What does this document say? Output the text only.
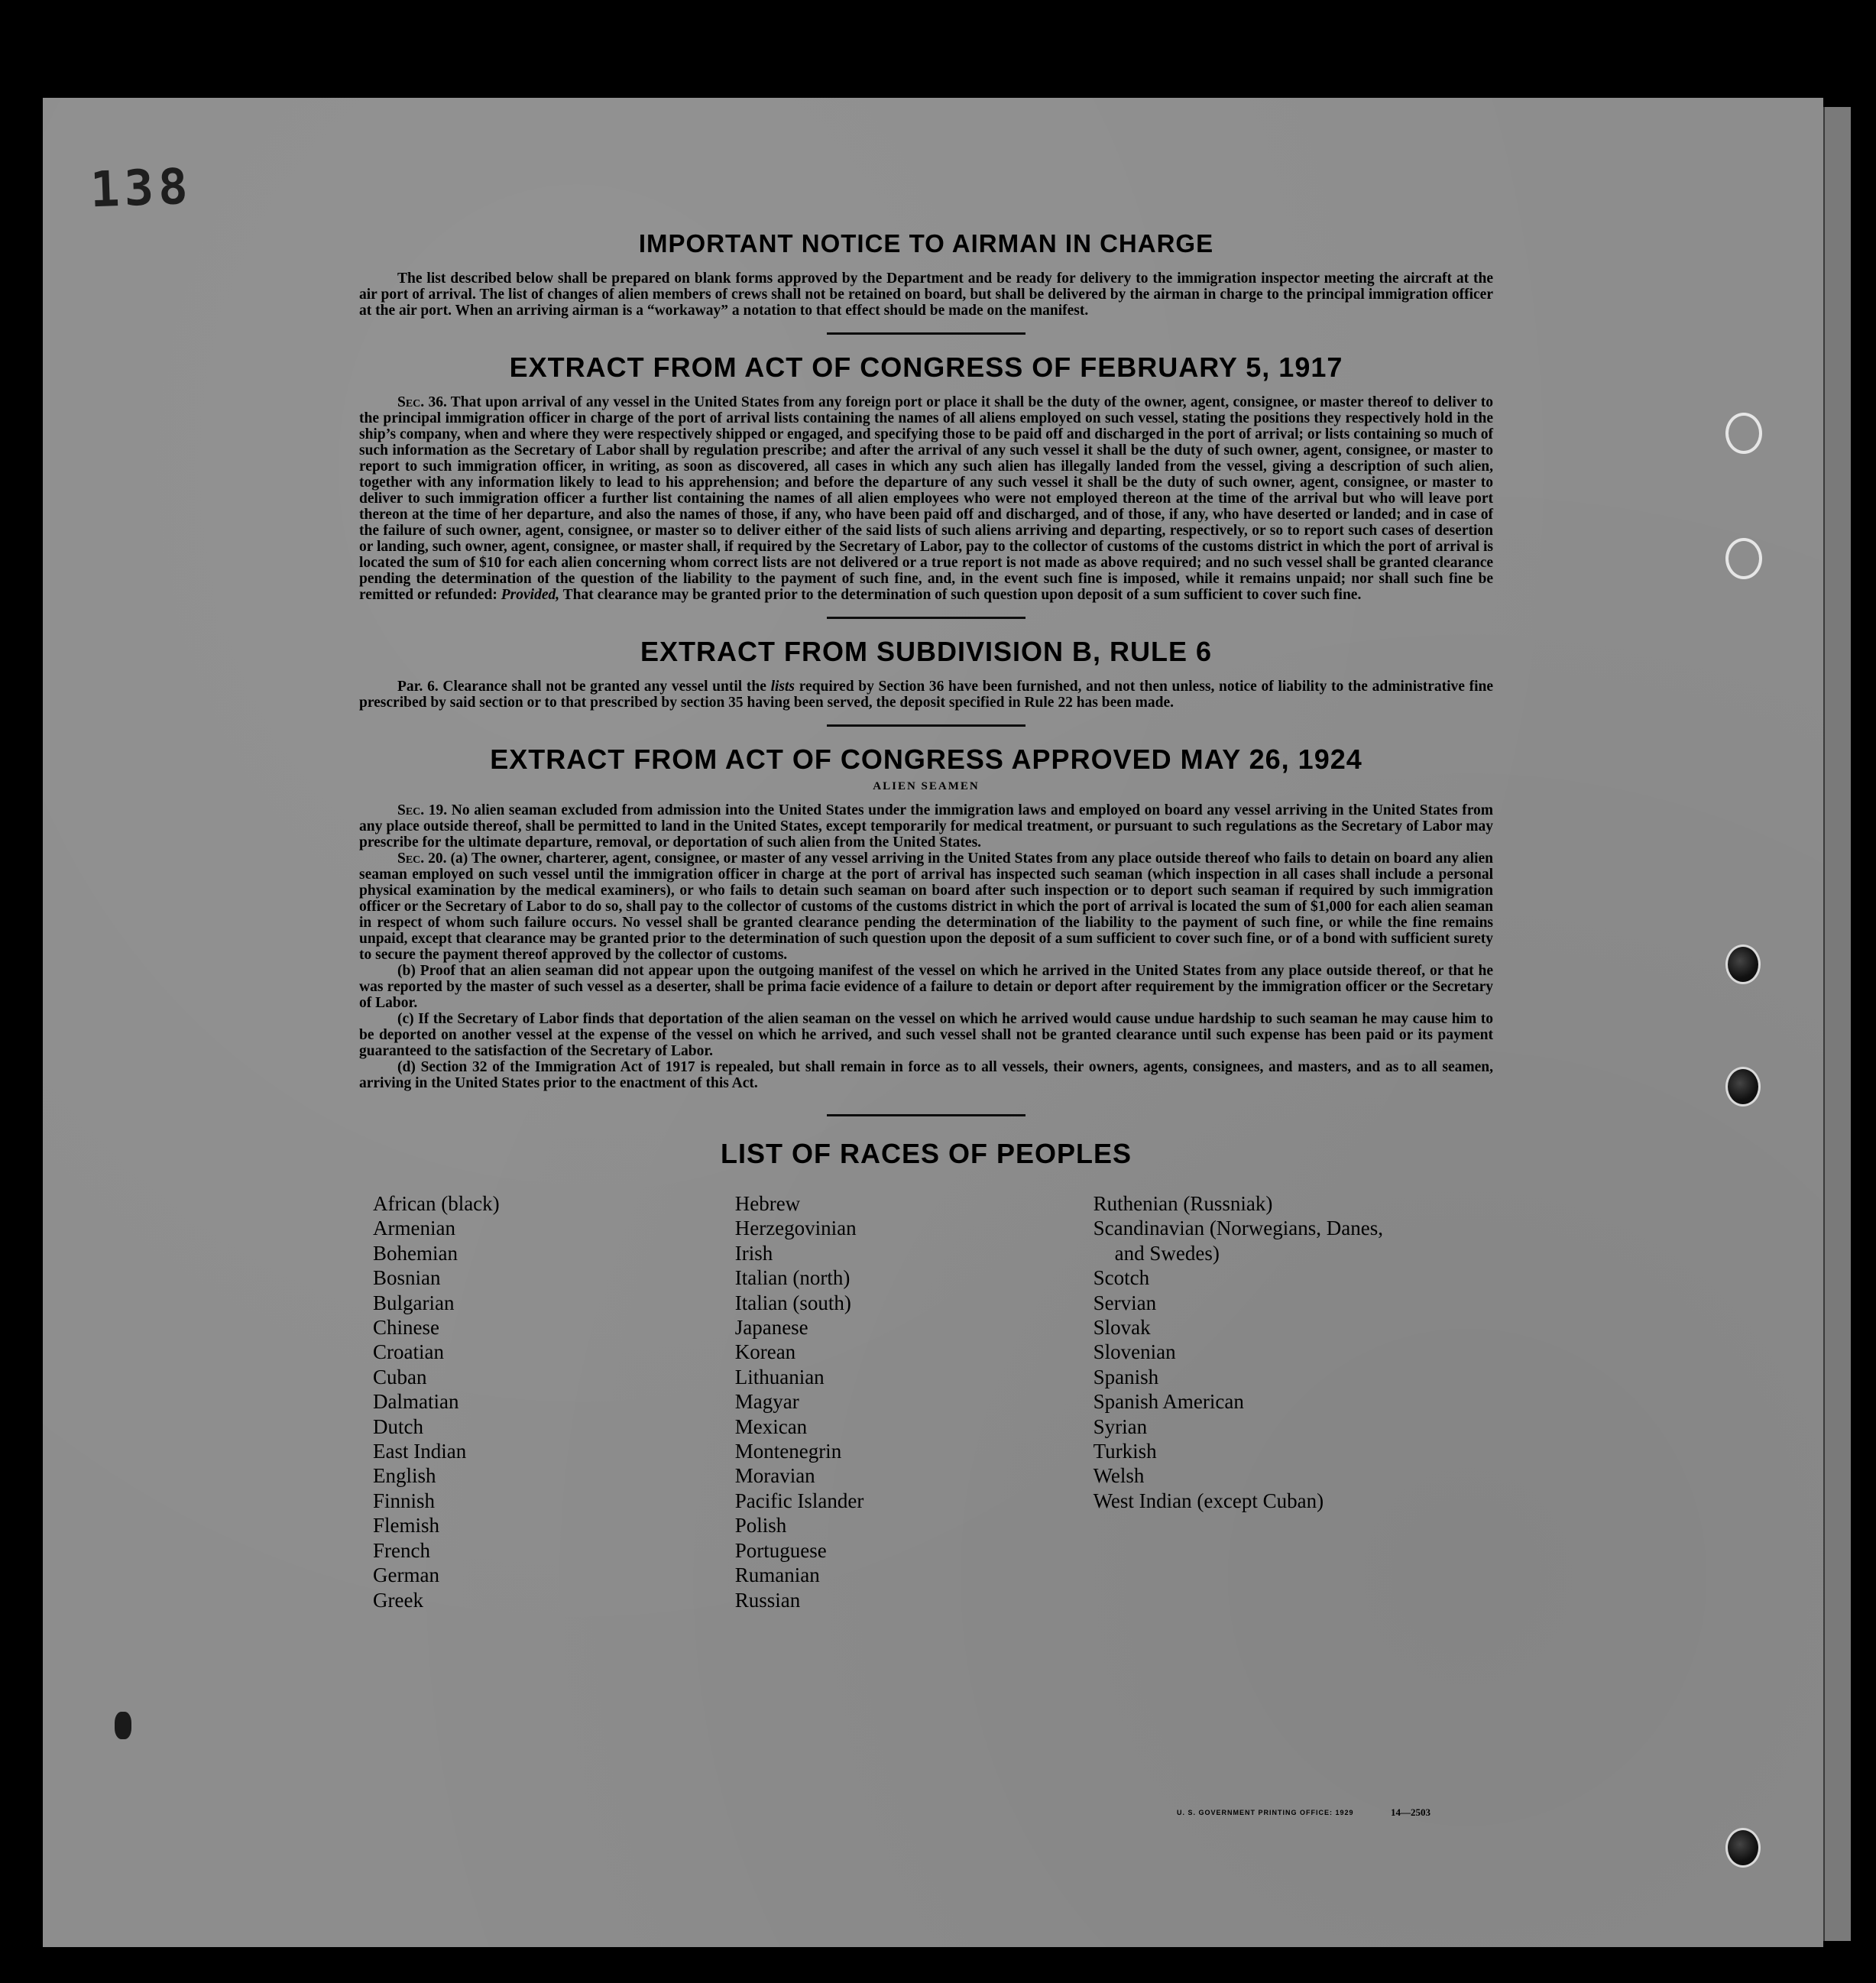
138
IMPORTANT NOTICE TO AIRMAN IN CHARGE

The list described below shall be prepared on blank forms approved by the Department and be ready for delivery to the immigration inspector meeting the aircraft at the air port of arrival. The list of changes of alien members of crews shall not be retained on board, but shall be delivered by the airman in charge to the principal immigration officer at the air port. When an arriving airman is a “workaway” a notation to that effect should be made on the manifest.

EXTRACT FROM ACT OF CONGRESS OF FEBRUARY 5, 1917

Sec. 36. That upon arrival of any vessel in the United States from any foreign port or place it shall be the duty of the owner, agent, consignee, or master thereof to deliver to the principal immigration officer in charge of the port of arrival lists containing the names of all aliens employed on such vessel, stating the positions they respectively hold in the ship’s company, when and where they were respectively shipped or engaged, and specifying those to be paid off and discharged in the port of arrival; or lists containing so much of such information as the Secretary of Labor shall by regulation prescribe; and after the arrival of any such vessel it shall be the duty of such owner, agent, consignee, or master to report to such immigration officer, in writing, as soon as discovered, all cases in which any such alien has illegally landed from the vessel, giving a description of such alien, together with any information likely to lead to his apprehension; and before the departure of any such vessel it shall be the duty of such owner, agent, consignee, or master to deliver to such immigration officer a further list containing the names of all alien employees who were not employed thereon at the time of the arrival but who will leave port thereon at the time of her departure, and also the names of those, if any, who have been paid off and discharged, and of those, if any, who have deserted or landed; and in case of the failure of such owner, agent, consignee, or master so to deliver either of the said lists of such aliens arriving and departing, respectively, or so to report such cases of desertion or landing, such owner, agent, consignee, or master shall, if required by the Secretary of Labor, pay to the collector of customs of the customs district in which the port of arrival is located the sum of $10 for each alien concerning whom correct lists are not delivered or a true report is not made as above required; and no such vessel shall be granted clearance pending the determination of the question of the liability to the payment of such fine, and, in the event such fine is imposed, while it remains unpaid; nor shall such fine be remitted or refunded: Provided, That clearance may be granted prior to the determination of such question upon deposit of a sum sufficient to cover such fine.

EXTRACT FROM SUBDIVISION B, RULE 6

Par. 6. Clearance shall not be granted any vessel until the lists required by Section 36 have been furnished, and not then unless, notice of liability to the administrative fine prescribed by said section or to that prescribed by section 35 having been served, the deposit specified in Rule 22 has been made.

EXTRACT FROM ACT OF CONGRESS APPROVED MAY 26, 1924
ALIEN SEAMEN

Sec. 19. No alien seaman excluded from admission into the United States under the immigration laws and employed on board any vessel arriving in the United States from any place outside thereof, shall be permitted to land in the United States, except temporarily for medical treatment, or pursuant to such regulations as the Secretary of Labor may prescribe for the ultimate departure, removal, or deportation of such alien from the United States.

Sec. 20. (a) The owner, charterer, agent, consignee, or master of any vessel arriving in the United States from any place outside thereof who fails to detain on board any alien seaman employed on such vessel until the immigration officer in charge at the port of arrival has inspected such seaman (which inspection in all cases shall include a personal physical examination by the medical examiners), or who fails to detain such seaman on board after such inspection or to deport such seaman if required by such immigration officer or the Secretary of Labor to do so, shall pay to the collector of customs of the customs district in which the port of arrival is located the sum of $1,000 for each alien seaman in respect of whom such failure occurs. No vessel shall be granted clearance pending the determination of the liability to the payment of such fine, or while the fine remains unpaid, except that clearance may be granted prior to the determination of such question upon the deposit of a sum sufficient to cover such fine, or of a bond with sufficient surety to secure the payment thereof approved by the collector of customs.

(b) Proof that an alien seaman did not appear upon the outgoing manifest of the vessel on which he arrived in the United States from any place outside thereof, or that he was reported by the master of such vessel as a deserter, shall be prima facie evidence of a failure to detain or deport after requirement by the immigration officer or the Secretary of Labor.

(c) If the Secretary of Labor finds that deportation of the alien seaman on the vessel on which he arrived would cause undue hardship to such seaman he may cause him to be deported on another vessel at the expense of the vessel on which he arrived, and such vessel shall not be granted clearance until such expense has been paid or its payment guaranteed to the satisfaction of the Secretary of Labor.

(d) Section 32 of the Immigration Act of 1917 is repealed, but shall remain in force as to all vessels, their owners, agents, consignees, and masters, and as to all seamen, arriving in the United States prior to the enactment of this Act.

LIST OF RACES OF PEOPLES
African (black)
Armenian
Bohemian
Bosnian
Bulgarian
Chinese
Croatian
Cuban
Dalmatian
Dutch
East Indian
English
Finnish
Flemish
French
German
Greek
Hebrew
Herzegovinian
Irish
Italian (north)
Italian (south)
Japanese
Korean
Lithuanian
Magyar
Mexican
Montenegrin
Moravian
Pacific Islander
Polish
Portuguese
Rumanian
Russian
Ruthenian (Russniak)
Scandinavian (Norwegians, Danes,
and Swedes)
Scotch
Servian
Slovak
Slovenian
Spanish
Spanish American
Syrian
Turkish
Welsh
West Indian (except Cuban)
U. S. GOVERNMENT PRINTING OFFICE: 1929	14—2503
